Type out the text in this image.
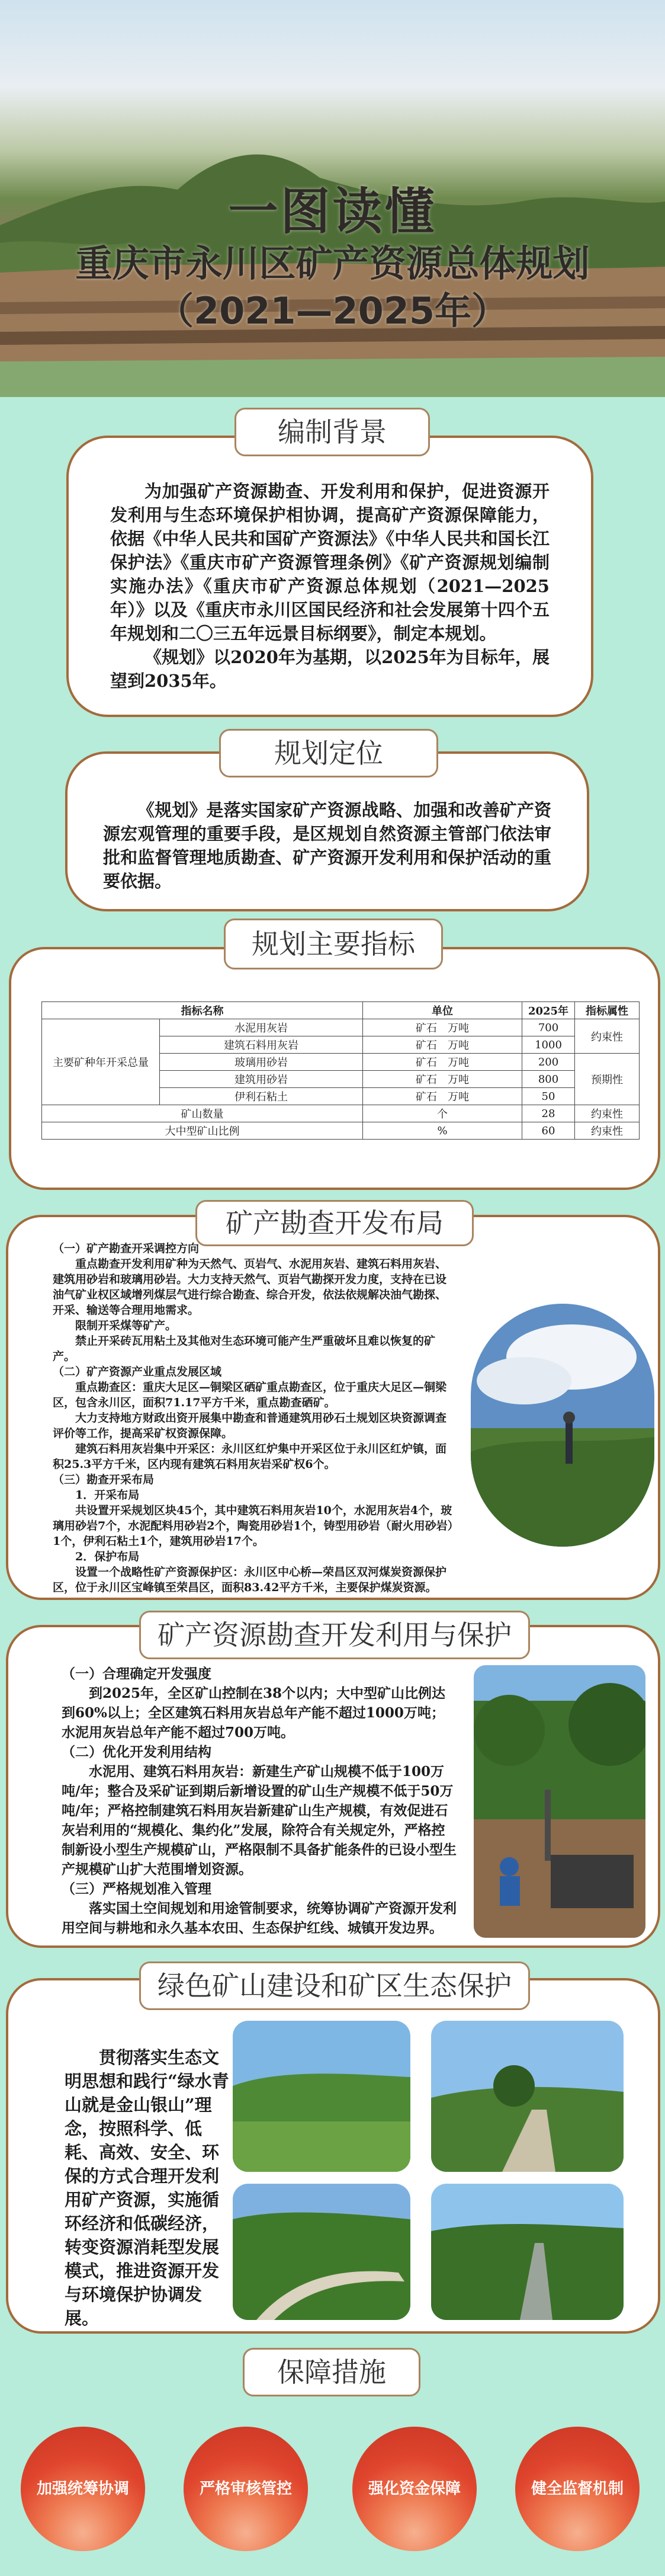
一图读懂
重庆市永川区矿产资源总体规划
（2021—2025年）
编制背景

为加强矿产资源勘查、开发利用和保护，促进资源开发利用与生态环境保护相协调，提高矿产资源保障能力，依据《中华人民共和国矿产资源法》《中华人民共和国长江保护法》《重庆市矿产资源管理条例》《矿产资源规划编制实施办法》《重庆市矿产资源总体规划（2021—2025年）》以及《重庆市永川区国民经济和社会发展第十四个五年规划和二〇三五年远景目标纲要》，制定本规划。

《规划》以2020年为基期，以2025年为目标年，展望到2035年。

规划定位

《规划》是落实国家矿产资源战略、加强和改善矿产资源宏观管理的重要手段，是区规划自然资源主管部门依法审批和监督管理地质勘查、矿产资源开发利用和保护活动的重要依据。

规划主要指标
指标名称		单位	2025年	指标属性
主要矿种年开采总量	水泥用灰岩	矿石　万吨	700	约束性
	建筑石料用灰岩	矿石　万吨	1000	
	玻璃用砂岩	矿石　万吨	200	预期性
	建筑用砂岩	矿石　万吨	800	
	伊利石粘土	矿石　万吨	50	
矿山数量		个	28	约束性
大中型矿山比例		%	60	约束性
矿产勘查开发布局

（一）矿产勘查开采调控方向

重点勘查开发利用矿种为天然气、页岩气、水泥用灰岩、建筑石料用灰岩、建筑用砂岩和玻璃用砂岩。大力支持天然气、页岩气勘探开发力度，支持在已设油气矿业权区域增列煤层气进行综合勘查、综合开发，依法依规解决油气勘探、开采、输送等合理用地需求。

限制开采煤等矿产。

禁止开采砖瓦用粘土及其他对生态环境可能产生严重破坏且难以恢复的矿产。

（二）矿产资源产业重点发展区域

重点勘查区：重庆大足区—铜梁区硒矿重点勘查区，位于重庆大足区—铜梁区，包含永川区，面积71.17平方千米，重点勘查硒矿。

大力支持地方财政出资开展集中勘查和普通建筑用砂石土规划区块资源调查评价等工作，提高采矿权资源保障。

建筑石料用灰岩集中开采区：永川区红炉集中开采区位于永川区红炉镇，面积25.3平方千米，区内现有建筑石料用灰岩采矿权6个。

（三）勘查开采布局

1．开采布局

共设置开采规划区块45个，其中建筑石料用灰岩10个，水泥用灰岩4个，玻璃用砂岩7个，水泥配料用砂岩2个，陶瓷用砂岩1个，铸型用砂岩（耐火用砂岩）1个，伊利石粘土1个，建筑用砂岩17个。

2．保护布局

设置一个战略性矿产资源保护区：永川区中心桥—荣昌区双河煤炭资源保护区，位于永川区宝峰镇至荣昌区，面积83.42平方千米，主要保护煤炭资源。

矿产资源勘查开发利用与保护

（一）合理确定开发强度

到2025年，全区矿山控制在38个以内；大中型矿山比例达到60%以上；全区建筑石料用灰岩总年产能不超过1000万吨；水泥用灰岩总年产能不超过700万吨。

（二）优化开发利用结构

水泥用、建筑石料用灰岩：新建生产矿山规模不低于100万吨/年；整合及采矿证到期后新增设置的矿山生产规模不低于50万吨/年；严格控制建筑石料用灰岩新建矿山生产规模，有效促进石灰岩利用的“规模化、集约化”发展，除符合有关规定外，严格控制新设小型生产规模矿山，严格限制不具备扩能条件的已设小型生产规模矿山扩大范围增划资源。

（三）严格规划准入管理

落实国土空间规划和用途管制要求，统筹协调矿产资源开发利用空间与耕地和永久基本农田、生态保护红线、城镇开发边界。

绿色矿山建设和矿区生态保护

贯彻落实生态文明思想和践行“绿水青山就是金山银山”理念，按照科学、低耗、高效、安全、环保的方式合理开发利用矿产资源，实施循环经济和低碳经济，转变资源消耗型发展模式，推进资源开发与环境保护协调发展。

保障措施
加强统筹协调	严格审核管控	强化资金保障	健全监督机制
